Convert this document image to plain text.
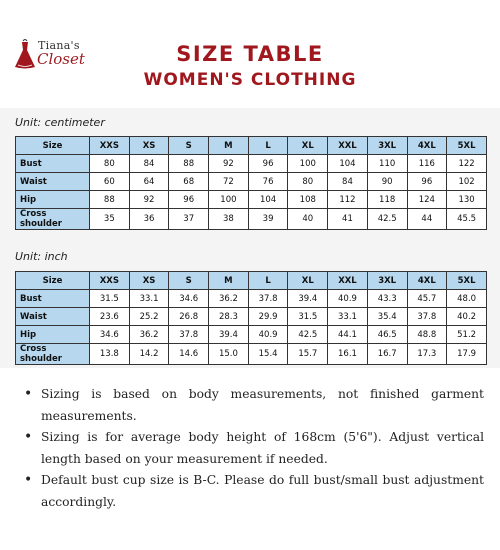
Tiana's
Closet	SIZE TABLE
WOMEN'S CLOTHING
Unit: centimeter
Size	XXS	XS	S	M	L	XL	XXL	3XL	4XL	5XL
Bust	80	84	88	92	96	100	104	110	116	122
Waist	60	64	68	72	76	80	84	90	96	102
Hip	88	92	96	100	104	108	112	118	124	130
Cross shoulder	35	36	37	38	39	40	41	42.5	44	45.5
Unit: inch
Size	XXS	XS	S	M	L	XL	XXL	3XL	4XL	5XL
Bust	31.5	33.1	34.6	36.2	37.8	39.4	40.9	43.3	45.7	48.0
Waist	23.6	25.2	26.8	28.3	29.9	31.5	33.1	35.4	37.8	40.2
Hip	34.6	36.2	37.8	39.4	40.9	42.5	44.1	46.5	48.8	51.2
Cross shoulder	13.8	14.2	14.6	15.0	15.4	15.7	16.1	16.7	17.3	17.9
• Sizing is based on body measurements, not finished garment measurements.
• Sizing is for average body height of 168cm (5'6"). Adjust vertical length based on your measurement if needed.
• Default bust cup size is B-C. Please do full bust/small bust adjustment accordingly.
